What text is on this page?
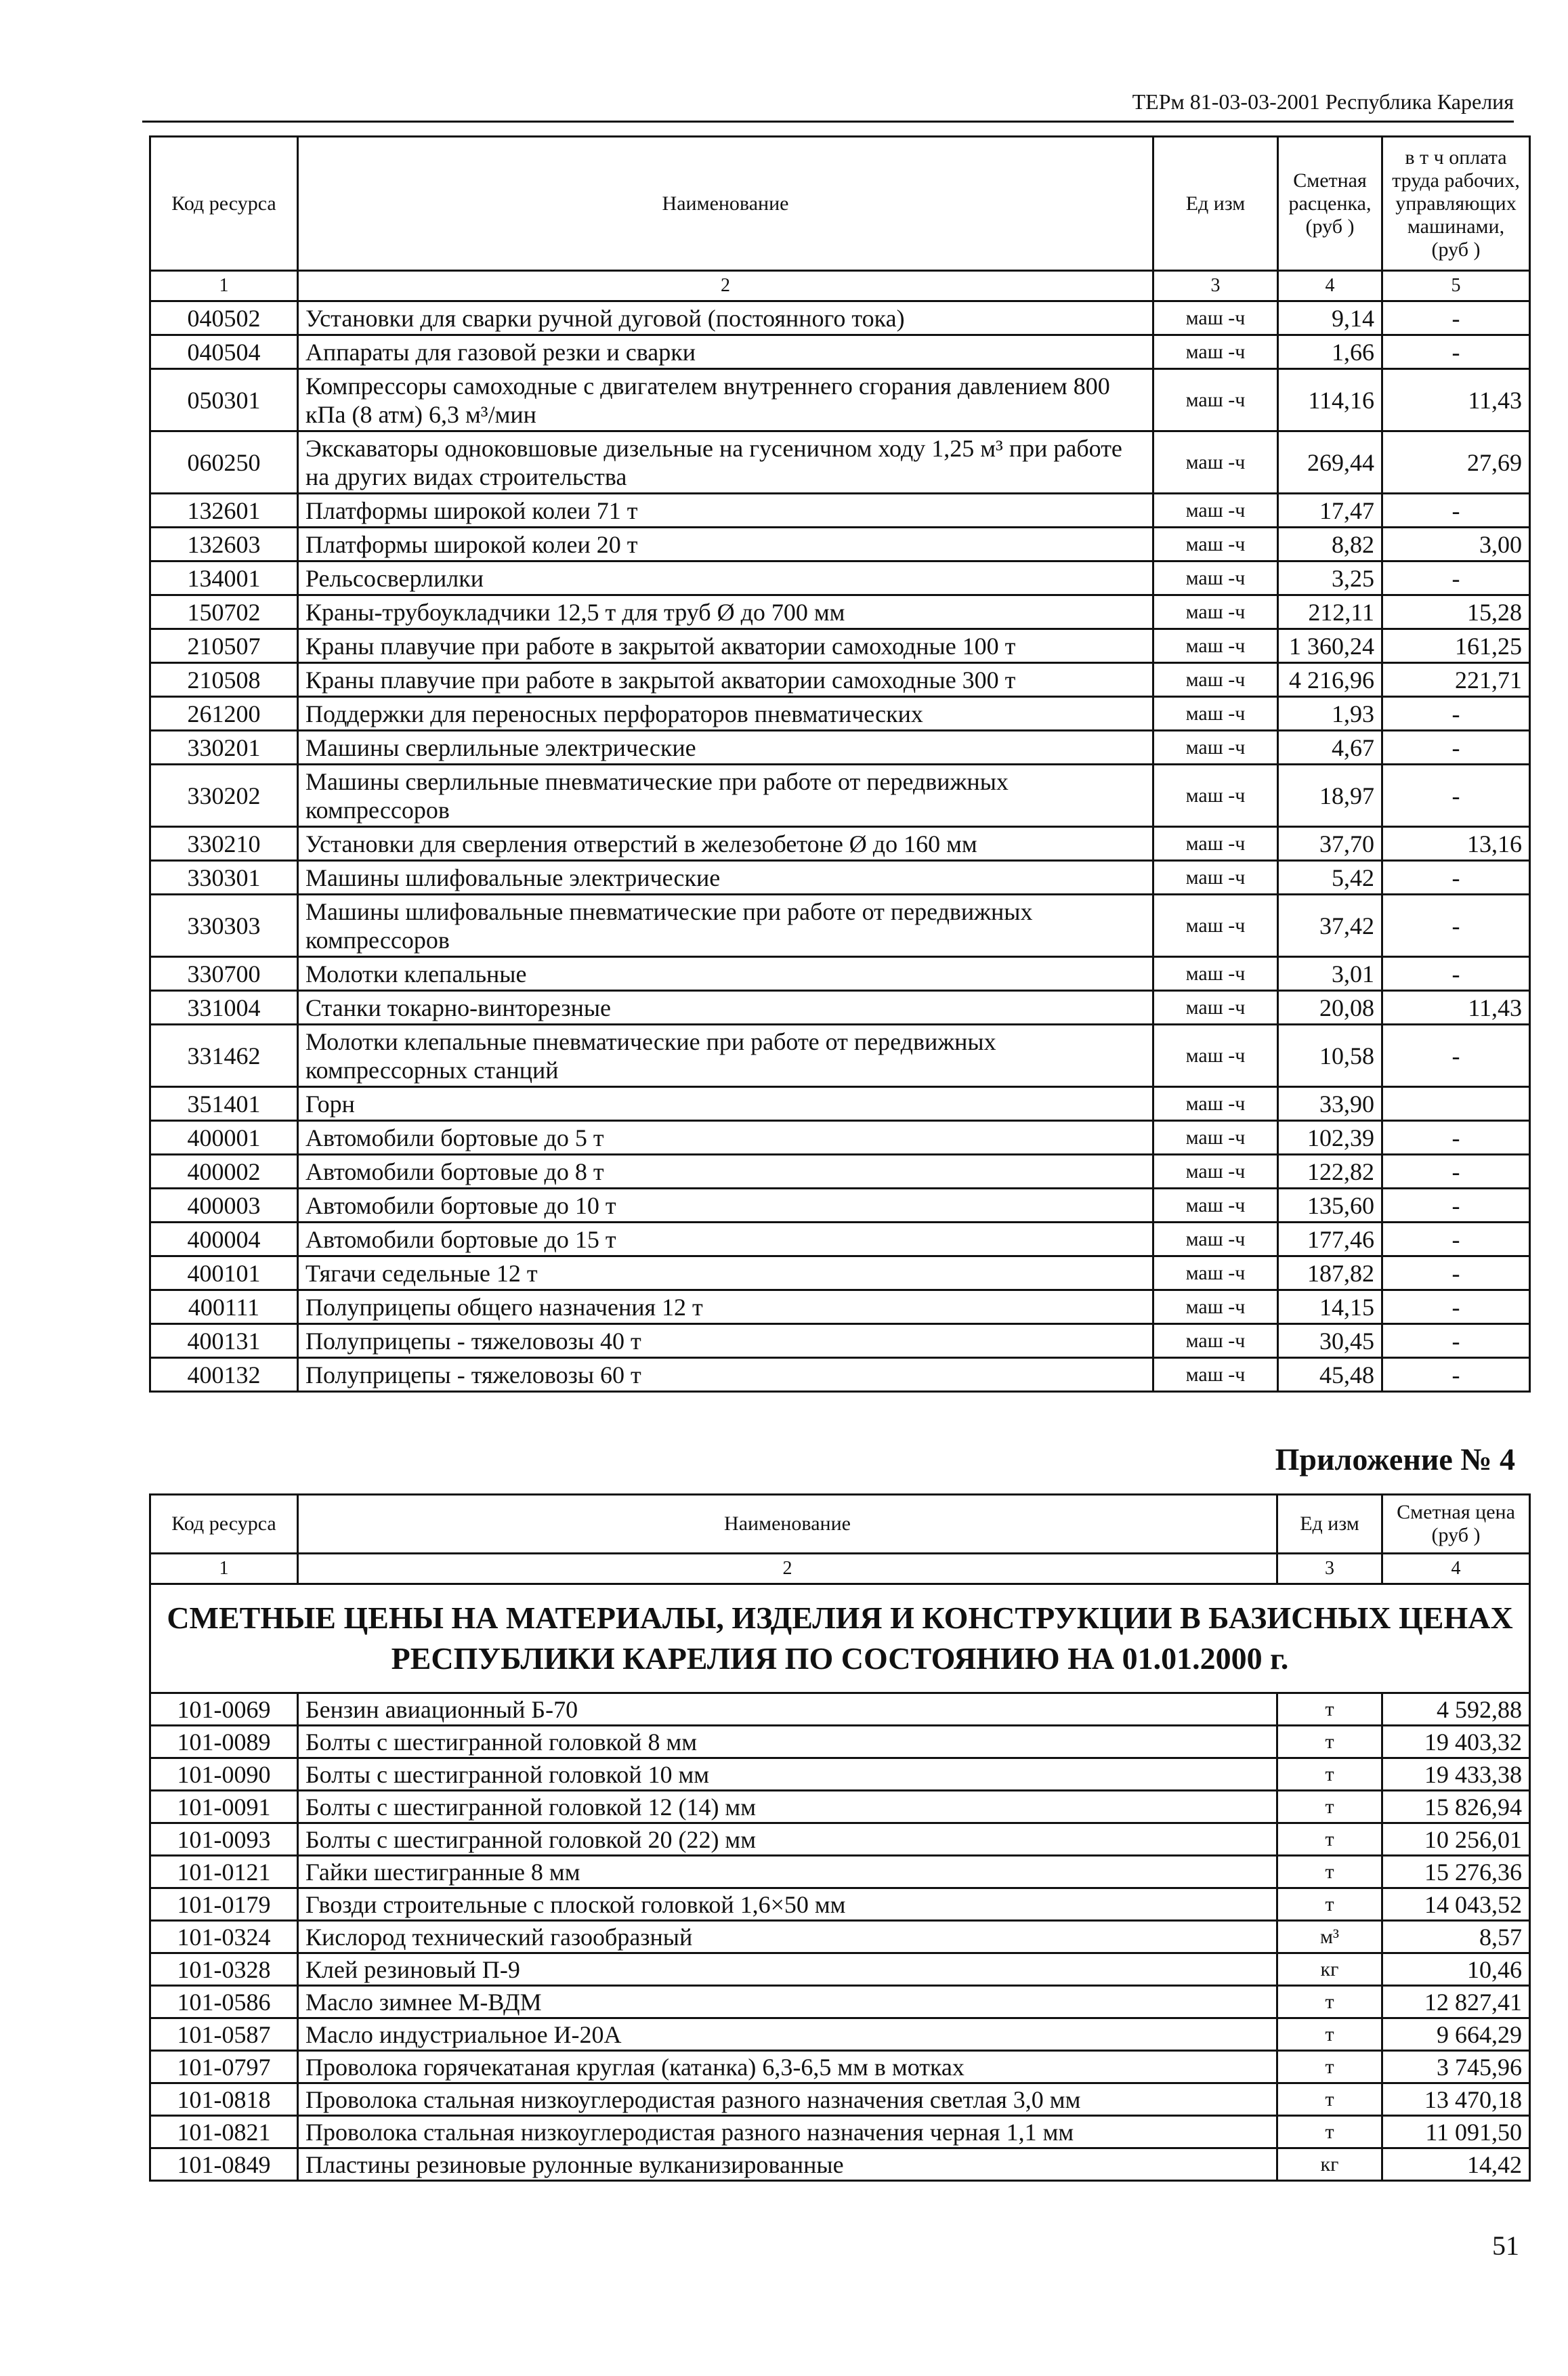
ТЕРм 81-03-03-2001 Республика Карелия
Код ресурса	Наименование	Ед изм	Сметная расценка, (руб )	в т ч оплата труда рабочих, управляющих машинами, (руб )
1	2	3	4	5
040502	Установки для сварки ручной дуговой (постоянного тока)	маш -ч	9,14	-
040504	Аппараты для газовой резки и сварки	маш -ч	1,66	-
050301	Компрессоры самоходные с двигателем внутреннего сгорания давлением 800 кПа (8 атм) 6,3 м³/мин	маш -ч	114,16	11,43
060250	Экскаваторы одноковшовые дизельные на гусеничном ходу 1,25 м³ при работе на других видах строительства	маш -ч	269,44	27,69
132601	Платформы широкой колеи 71 т	маш -ч	17,47	-
132603	Платформы широкой колеи 20 т	маш -ч	8,82	3,00
134001	Рельсосверлилки	маш -ч	3,25	-
150702	Краны-трубоукладчики 12,5 т для труб Ø до 700 мм	маш -ч	212,11	15,28
210507	Краны плавучие при работе в закрытой акватории самоходные 100 т	маш -ч	1 360,24	161,25
210508	Краны плавучие при работе в закрытой акватории самоходные 300 т	маш -ч	4 216,96	221,71
261200	Поддержки для переносных перфораторов пневматических	маш -ч	1,93	-
330201	Машины сверлильные электрические	маш -ч	4,67	-
330202	Машины сверлильные пневматические при работе от передвижных компрессоров	маш -ч	18,97	-
330210	Установки для сверления отверстий в железобетоне Ø до 160 мм	маш -ч	37,70	13,16
330301	Машины шлифовальные электрические	маш -ч	5,42	-
330303	Машины шлифовальные пневматические при работе от передвижных компрессоров	маш -ч	37,42	-
330700	Молотки клепальные	маш -ч	3,01	-
331004	Станки токарно-винторезные	маш -ч	20,08	11,43
331462	Молотки клепальные пневматические при работе от передвижных компрессорных станций	маш -ч	10,58	-
351401	Горн	маш -ч	33,90	
400001	Автомобили бортовые до 5 т	маш -ч	102,39	-
400002	Автомобили бортовые до 8 т	маш -ч	122,82	-
400003	Автомобили бортовые до 10 т	маш -ч	135,60	-
400004	Автомобили бортовые до 15 т	маш -ч	177,46	-
400101	Тягачи седельные 12 т	маш -ч	187,82	-
400111	Полуприцепы общего назначения 12 т	маш -ч	14,15	-
400131	Полуприцепы - тяжеловозы 40 т	маш -ч	30,45	-
400132	Полуприцепы - тяжеловозы 60 т	маш -ч	45,48	-
Приложение № 4
Код ресурса	Наименование	Ед изм	Сметная цена (руб )
1	2	3	4
СМЕТНЫЕ ЦЕНЫ НА МАТЕРИАЛЫ, ИЗДЕЛИЯ И КОНСТРУКЦИИ В БАЗИСНЫХ ЦЕНАХ РЕСПУБЛИКИ КАРЕЛИЯ ПО СОСТОЯНИЮ НА 01.01.2000 г.			
101-0069	Бензин авиационный Б-70	т	4 592,88
101-0089	Болты с шестигранной головкой 8 мм	т	19 403,32
101-0090	Болты с шестигранной головкой 10 мм	т	19 433,38
101-0091	Болты с шестигранной головкой 12 (14) мм	т	15 826,94
101-0093	Болты с шестигранной головкой 20 (22) мм	т	10 256,01
101-0121	Гайки шестигранные 8 мм	т	15 276,36
101-0179	Гвозди строительные с плоской головкой 1,6×50 мм	т	14 043,52
101-0324	Кислород технический газообразный	м³	8,57
101-0328	Клей резиновый П-9	кг	10,46
101-0586	Масло зимнее М-ВДМ	т	12 827,41
101-0587	Масло индустриальное И-20А	т	9 664,29
101-0797	Проволока горячекатаная круглая (катанка) 6,3-6,5 мм в мотках	т	3 745,96
101-0818	Проволока стальная низкоуглеродистая разного назначения светлая 3,0 мм	т	13 470,18
101-0821	Проволока стальная низкоуглеродистая разного назначения черная 1,1 мм	т	11 091,50
101-0849	Пластины резиновые рулонные вулканизированные	кг	14,42
51
